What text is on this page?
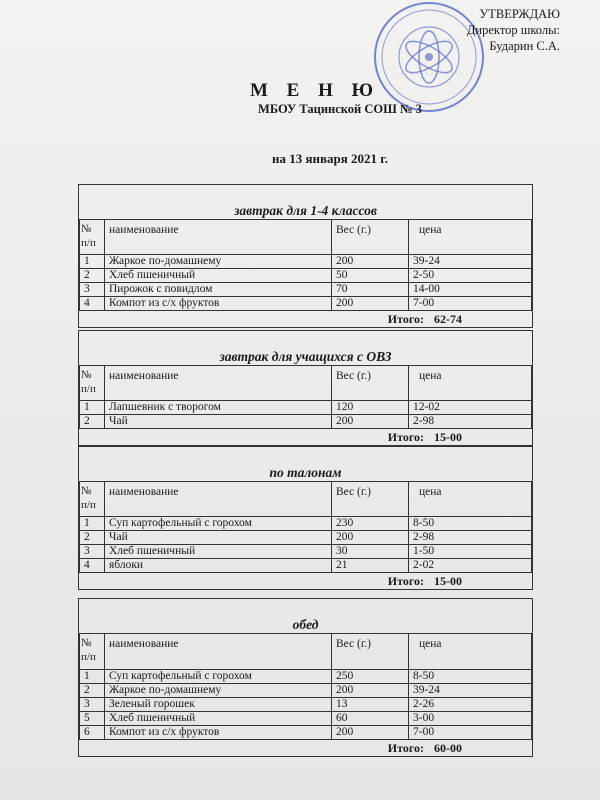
УТВЕРЖДАЮ
Директор школы:
Бударин С.А.
М Е Н Ю
МБОУ Тацинской СОШ № 3
на 13 января 2021 г.
завтрак для 1-4 классов
№ п/п	наименование	Вес (г.)	цена
1	Жаркое по-домашнему	200	39-24
2	Хлеб пшеничный	50	2-50
3	Пирожок с повидлом	70	14-00
4	Компот из с/х фруктов	200	7-00
Итого: 62-74
завтрак для учащихся с ОВЗ
№ п/п	наименование	Вес (г.)	цена
1	Лапшевник с творогом	120	12-02
2	Чай	200	2-98
Итого: 15-00
по талонам
№ п/п	наименование	Вес (г.)	цена
1	Суп картофельный с горохом	230	8-50
2	Чай	200	2-98
3	Хлеб пшеничный	30	1-50
4	яблоки	21	2-02
Итого: 15-00
обед
№ п/п	наименование	Вес (г.)	цена
1	Суп картофельный с горохом	250	8-50
2	Жаркое по-домашнему	200	39-24
3	Зеленый горошек	13	2-26
5	Хлеб пшеничный	60	3-00
6	Компот из с/х фруктов	200	7-00
Итого: 60-00
